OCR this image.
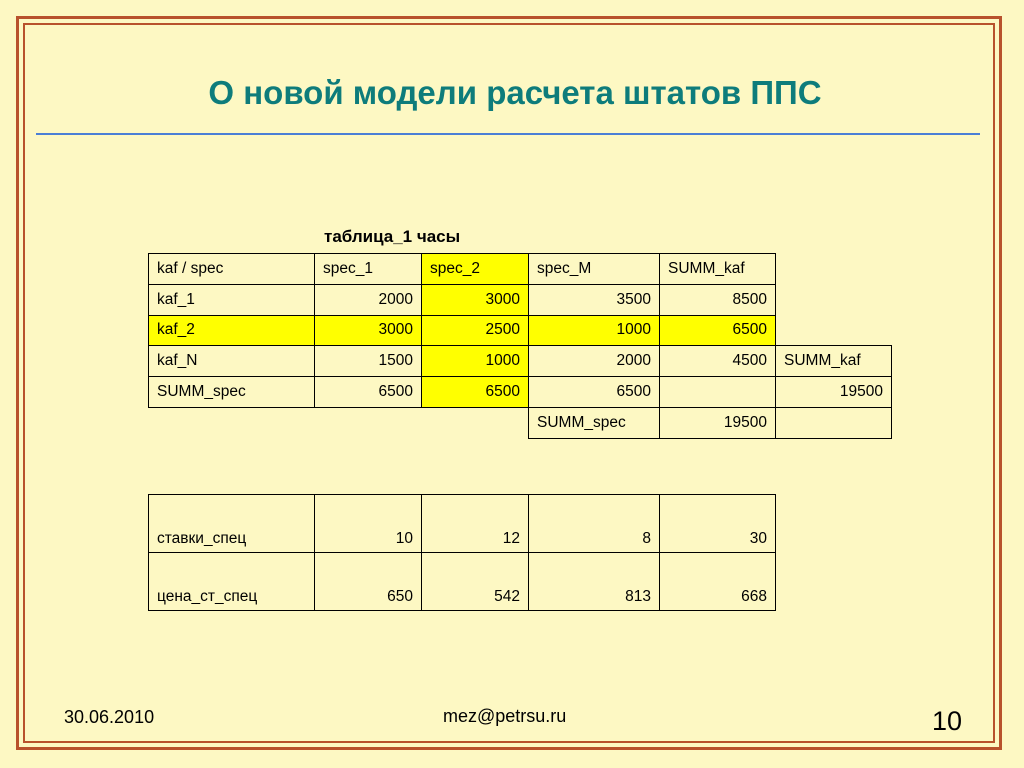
О новой модели расчета штатов ППС
таблица_1 часы
kaf / spec	spec_1	spec_2	spec_M	SUMM_kaf	
kaf_1	2000	3000	3500	8500	
kaf_2	3000	2500	1000	6500	
kaf_N	1500	1000	2000	4500	SUMM_kaf
SUMM_spec	6500	6500	6500		19500
			SUMM_spec	19500	
ставки_спец	10	12	8	30
цена_ст_спец	650	542	813	668
30.06.2010	mez@petrsu.ru	10
